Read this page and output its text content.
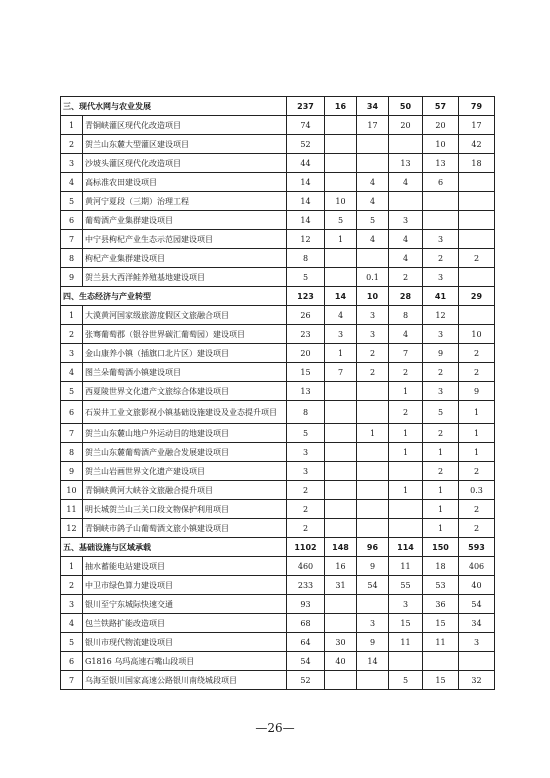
三、现代水网与农业发展		237	16	34	50	57	79
1	青铜峡灌区现代化改造项目	74		17	20	20	17
2	贺兰山东麓大型灌区建设项目	52				10	42
3	沙坡头灌区现代化改造项目	44			13	13	18
4	高标准农田建设项目	14		4	4	6	
5	黄河宁夏段（三期）治理工程	14	10	4			
6	葡萄酒产业集群建设项目	14	5	5	3		
7	中宁县枸杞产业生态示范园建设项目	12	1	4	4	3	
8	枸杞产业集群建设项目	8			4	2	2
9	贺兰县大西洋鲑养殖基地建设项目	5		0.1	2	3	
四、生态经济与产业转型		123	14	10	28	41	29
1	大漠黄河国家级旅游度假区文旅融合项目	26	4	3	8	12	
2	张骞葡萄郡（银谷世界碳汇葡萄园）建设项目	23	3	3	4	3	10
3	金山康养小镇（插旗口北片区）建设项目	20	1	2	7	9	2
4	图兰朵葡萄酒小镇建设项目	15	7	2	2	2	2
5	西夏陵世界文化遗产文旅综合体建设项目	13			1	3	9
6	石炭井工业文旅影视小镇基础设施建设及业态提升项目	8			2	5	1
7	贺兰山东麓山地户外运动目的地建设项目	5		1	1	2	1
8	贺兰山东麓葡萄酒产业融合发展建设项目	3			1	1	1
9	贺兰山岩画世界文化遗产建设项目	3				2	2
10	青铜峡黄河大峡谷文旅融合提升项目	2			1	1	0.3
11	明长城贺兰山三关口段文物保护利用项目	2				1	2
12	青铜峡市鸽子山葡萄酒文旅小镇建设项目	2				1	2
五、基础设施与区域承载		1102	148	96	114	150	593
1	抽水蓄能电站建设项目	460	16	9	11	18	406
2	中卫市绿色算力建设项目	233	31	54	55	53	40
3	银川至宁东城际快速交通	93			3	36	54
4	包兰铁路扩能改造项目	68		3	15	15	34
5	银川市现代物流建设项目	64	30	9	11	11	3
6	G1816 乌玛高速石嘴山段项目	54	40	14			
7	乌海至银川国家高速公路银川南绕城段项目	52			5	15	32
—26—
